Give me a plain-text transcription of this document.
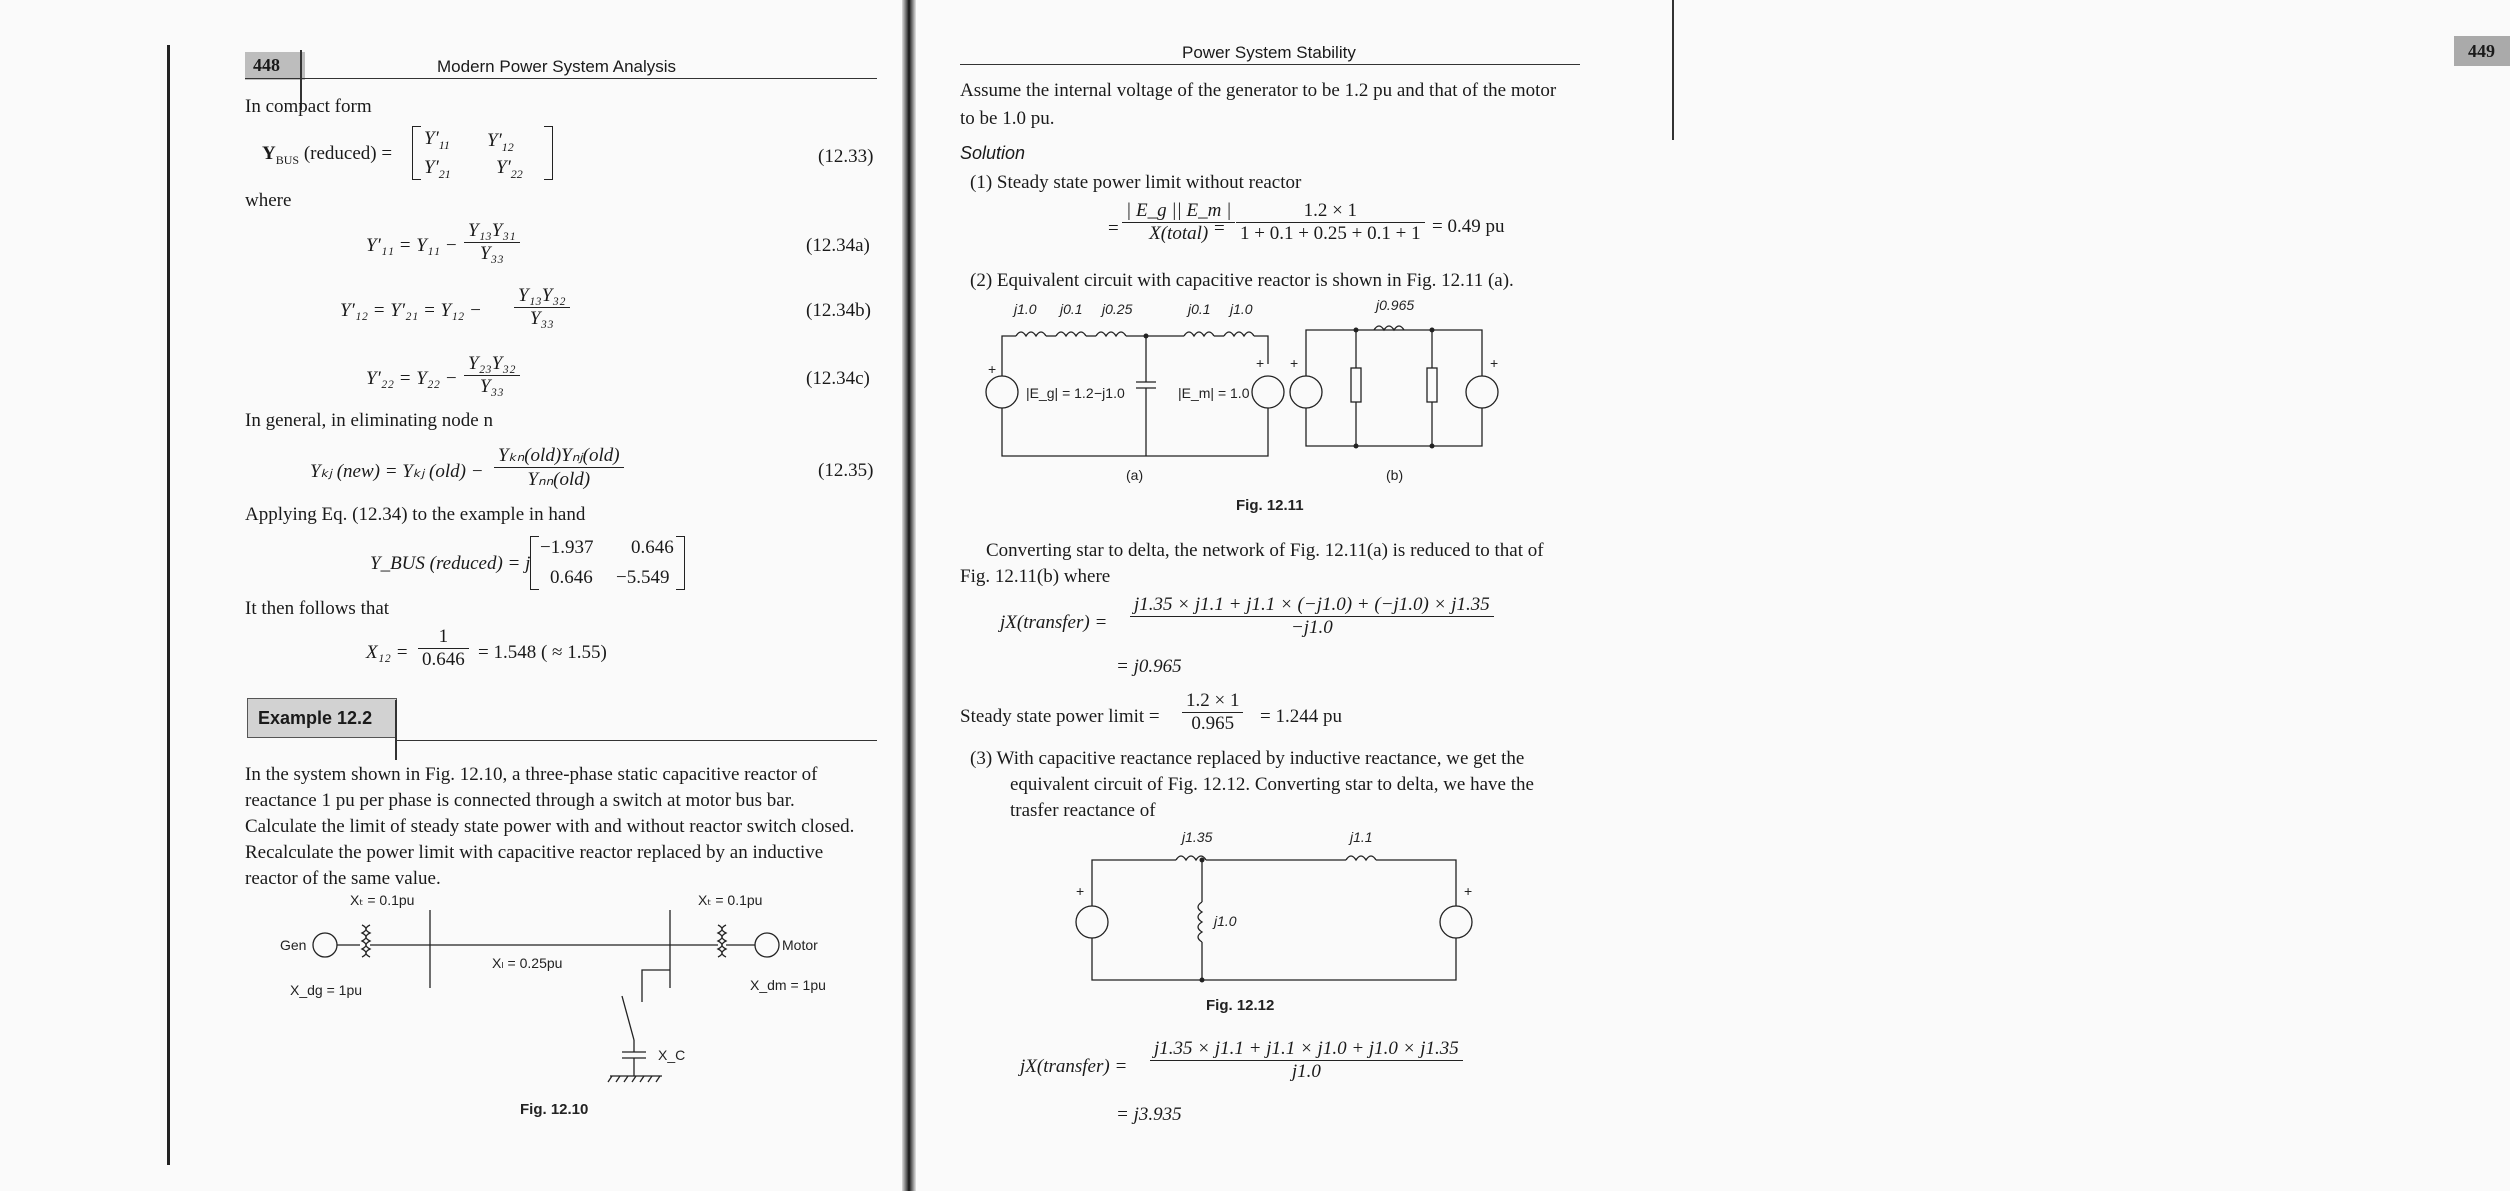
448	Modern Power System Analysis
In compact form
$Y_{BUS}$ (reduced) =
$Y'_{11}$ $Y'_{12}$
$Y'_{21}$ $Y'_{22}$
(12.33)
where
$Y'_{11} = Y_{11} - \frac{\text{Y₁₃Y₃₁}}{\text{Y₃₃}}$	(12.34a)
$Y'_{12} = Y'_{21} = Y_{12} - \frac{\text{Y₁₃Y₃₂}}{\text{Y₃₃}}$	(12.34b)
$Y'_{22} = Y_{22} - \frac{\text{Y₂₃Y₃₂}}{\text{Y₃₃}}$	(12.34c)
In general, in eliminating node n
Yₖⱼ (new) = Yₖⱼ $(old) - \frac{\text{Yₖₙ(old)Yₙⱼ(old)}}{\text{Yₙₙ(old)}}$	(12.35)
Applying Eq. (12.34) to the example in hand
Y_BUS (reduced) = j
−1.937 0.646
0.646 −5.549
It then follows that
$X_{12} = \frac{1}{0.646} = 1.548$ ( ≈ 1.55)
Example 12.2
In the system shown in Fig. 12.10, a three-phase static capacitive reactor of
reactance 1 pu per phase is connected through a switch at motor bus bar.
Calculate the limit of steady state power with and without reactor switch closed.
Recalculate the power limit with capacitive reactor replaced by an inductive
reactor of the same value.
Xₜ = 0.1pu	Xₜ = 0.1pu
Gen	Motor
Xₗ = 0.25pu
X_dg = 1pu	X_dm = 1pu
X_C
Fig. 12.10
Power System Stability	449
Assume the internal voltage of the generator to be 1.2 pu and that of the motor
to be 1.0 pu.
Solution
(1) Steady state power limit without reactor
= $\frac{| E\_g || E\_m |}{\text{X(total)}}$
= $\frac{1.2 \times 1}{1 + 0.1 + 0.25 + 0.1 + 1} = 0.49$ pu
(2) Equivalent circuit with capacitive reactor is shown in Fig. 12.11 (a).
j1.0 j0.1 j0.25	j0.1 j1.0
|E_g| = 1.2 −j1.0	|E_m| = 1.0
j0.965
+	+ +	+
(a)	(b)
Fig. 12.11
Converting star to delta, the network of Fig. 12.11(a) is reduced to that of
Fig. 12.11(b) where
jX(transfer) = $\frac{j1.35 \times j1.1 + j1.1 \times (-j1.0) + (-j1.0) \times j1.35}{-j1.0}$
= j0.965
Steady state power limit = $\frac{1.2 \times 1}{0.965} = 1.244$ pu
(3) With capacitive reactance replaced by inductive reactance, we get the
equivalent circuit of Fig. 12.12. Converting star to delta, we have the
trasfer reactance of
j1.35	j1.1
j1.0
+	+
Fig. 12.12
jX(transfer) = $\frac{j1.35 \times j1.1 + j1.1 \times j1.0 + j1.0 \times j1.35}{j1.0}$
= j3.935
